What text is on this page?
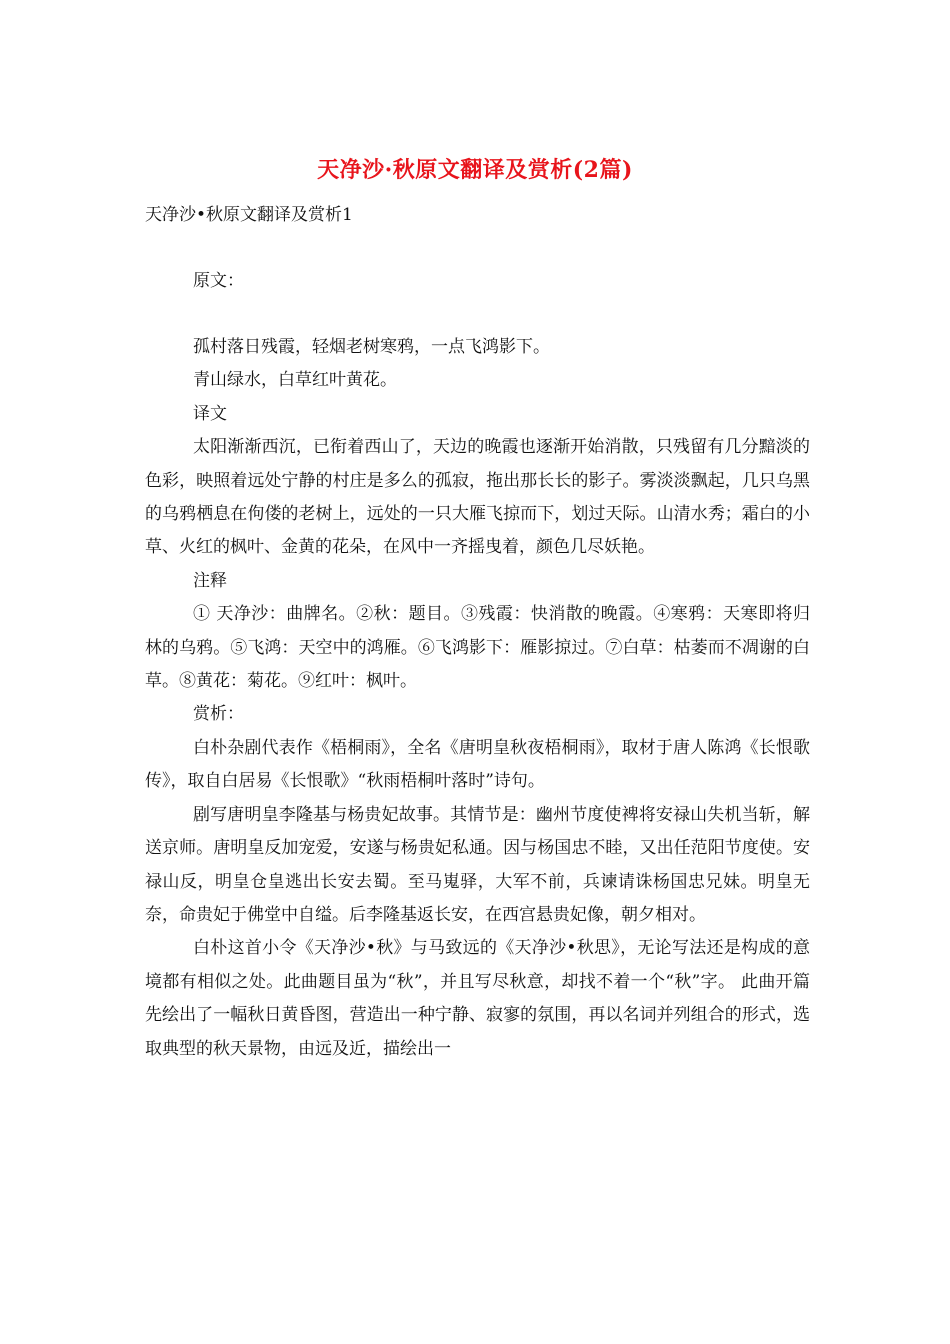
天净沙·秋原文翻译及赏析(2篇)
天净沙•秋原文翻译及赏析1

原文：

孤村落日残霞，轻烟老树寒鸦，一点飞鸿影下。

青山绿水，白草红叶黄花。

译文

太阳渐渐西沉，已衔着西山了，天边的晚霞也逐渐开始消散，只残留有几分黯淡的色彩，映照着远处宁静的村庄是多么的孤寂，拖出那长长的影子。雾淡淡飘起，几只乌黑的乌鸦栖息在佝偻的老树上，远处的一只大雁飞掠而下，划过天际。山清水秀；霜白的小草、火红的枫叶、金黄的花朵，在风中一齐摇曳着，颜色几尽妖艳。

注释

① 天净沙：曲牌名。②秋：题目。③残霞：快消散的晚霞。④寒鸦：天寒即将归林的乌鸦。⑤飞鸿：天空中的鸿雁。⑥飞鸿影下：雁影掠过。⑦白草：枯萎而不凋谢的白草。⑧黄花：菊花。⑨红叶：枫叶。

赏析：

白朴杂剧代表作《梧桐雨》，全名《唐明皇秋夜梧桐雨》，取材于唐人陈鸿《长恨歌传》，取自白居易《长恨歌》“秋雨梧桐叶落时”诗句。

剧写唐明皇李隆基与杨贵妃故事。其情节是：幽州节度使裨将安禄山失机当斩，解送京师。唐明皇反加宠爱，安遂与杨贵妃私通。因与杨国忠不睦，又出任范阳节度使。安禄山反，明皇仓皇逃出长安去蜀。至马嵬驿，大军不前，兵谏请诛杨国忠兄妹。明皇无奈，命贵妃于佛堂中自缢。后李隆基返长安，在西宫悬贵妃像，朝夕相对。

白朴这首小令《天净沙•秋》与马致远的《天净沙•秋思》，无论写法还是构成的意境都有相似之处。此曲题目虽为“秋”，并且写尽秋意，却找不着一个“秋”字。 此曲开篇先绘出了一幅秋日黄昏图，营造出一种宁静、寂寥的氛围，再以名词并列组合的形式，选取典型的秋天景物，由远及近，描绘出一
